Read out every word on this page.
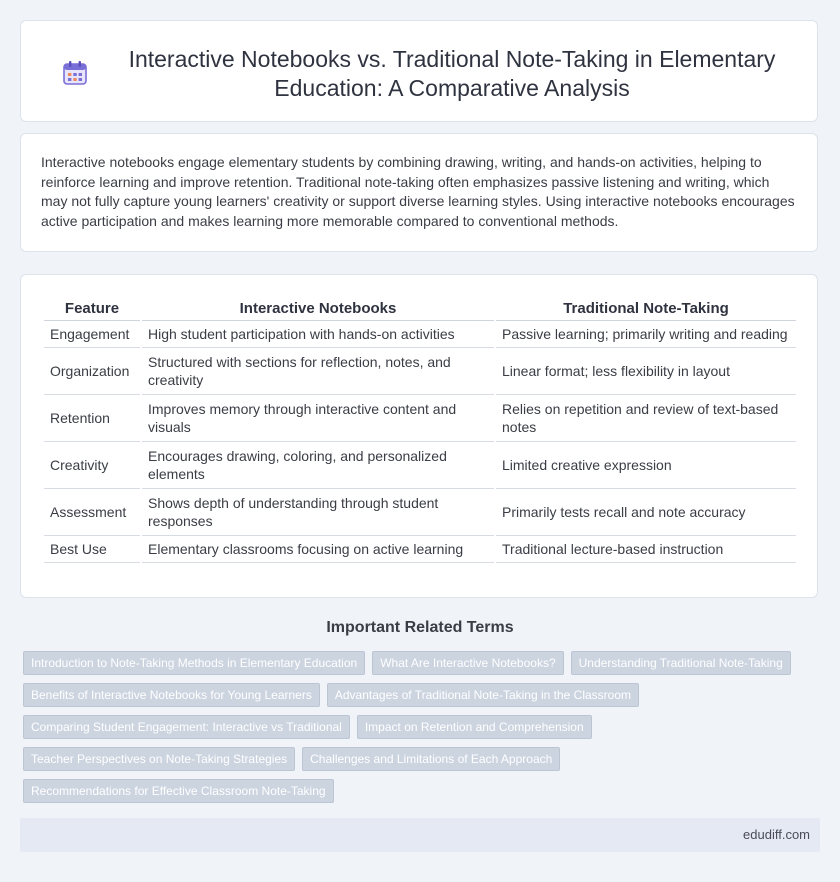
Interactive Notebooks vs. Traditional Note-Taking in Elementary Education: A Comparative Analysis

Interactive notebooks engage elementary students by combining drawing, writing, and hands-on activities, helping to reinforce learning and improve retention. Traditional note-taking often emphasizes passive listening and writing, which may not fully capture young learners' creativity or support diverse learning styles. Using interactive notebooks encourages active participation and makes learning more memorable compared to conventional methods.

Feature	Interactive Notebooks	Traditional Note-Taking
Engagement	High student participation with hands-on activities	Passive learning; primarily writing and reading
Organization	Structured with sections for reflection, notes, and creativity	Linear format; less flexibility in layout
Retention	Improves memory through interactive content and visuals	Relies on repetition and review of text-based notes
Creativity	Encourages drawing, coloring, and personalized elements	Limited creative expression
Assessment	Shows depth of understanding through student responses	Primarily tests recall and note accuracy
Best Use	Elementary classrooms focusing on active learning	Traditional lecture-based instruction
Important Related Terms
Introduction to Note-Taking Methods in Elementary Education	What Are Interactive Notebooks?	Understanding Traditional Note-Taking
Benefits of Interactive Notebooks for Young Learners	Advantages of Traditional Note-Taking in the Classroom
Comparing Student Engagement: Interactive vs Traditional	Impact on Retention and Comprehension
Teacher Perspectives on Note-Taking Strategies	Challenges and Limitations of Each Approach
Recommendations for Effective Classroom Note-Taking
edudiff.com
